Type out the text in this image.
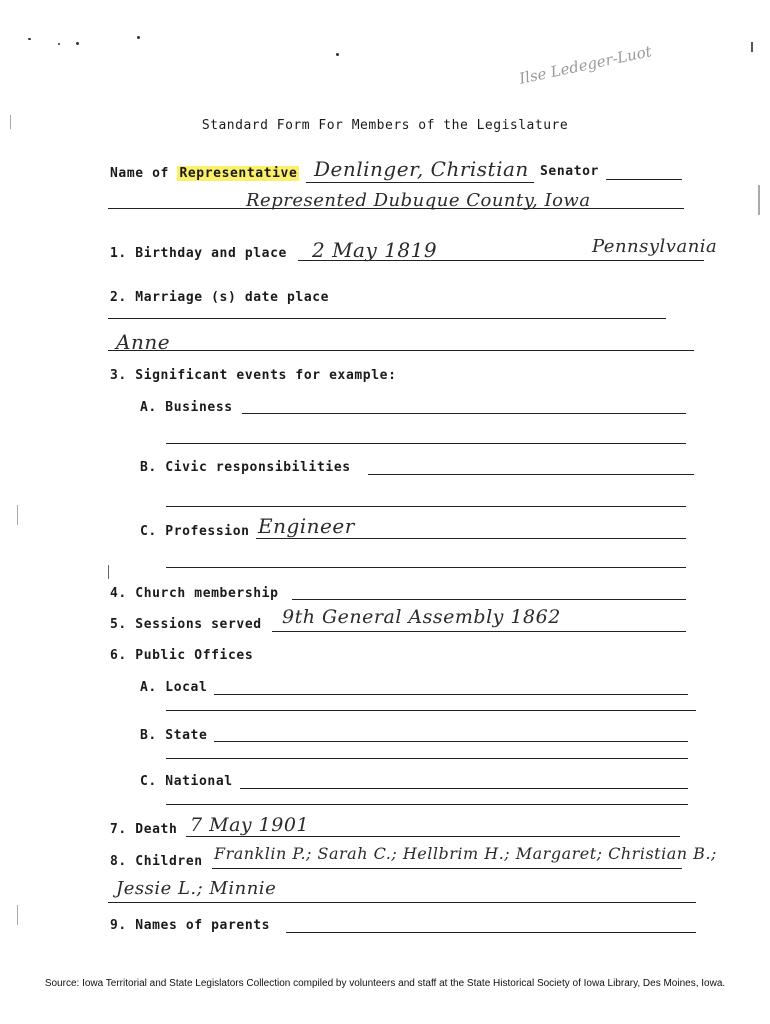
Ilse Ledeger-Luot
Standard Form For Members of the Legislature
Name of Representative Denlinger, Christian Senator
Represented Dubuque County, Iowa
1. Birthday and place 2 May 1819	Pennsylvania
2. Marriage (s) date place
Anne
3. Significant events for example:
A. Business
B. Civic responsibilities
C. Profession Engineer
4. Church membership
5. Sessions served 9th General Assembly 1862
6. Public Offices
A. Local
B. State
C. National
7. Death 7 May 1901
8. Children Franklin P.; Sarah C.; Hellbrim H.; Margaret; Christian B.;
Jessie L.; Minnie
9. Names of parents
Source: Iowa Territorial and State Legislators Collection compiled by volunteers and staff at the State Historical Society of Iowa Library, Des Moines, Iowa.
